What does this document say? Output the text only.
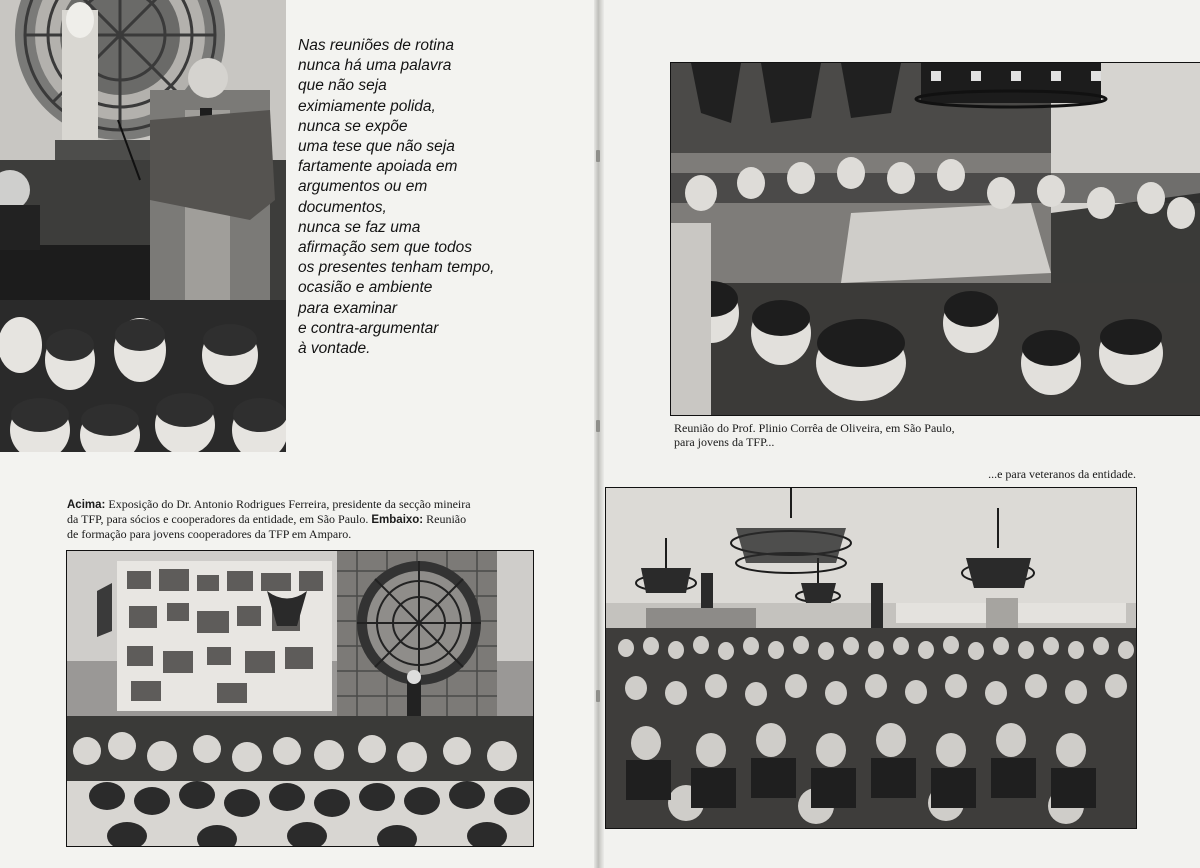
Nas reuniões de rotina
nunca há uma palavra
que não seja
eximiamente polida,
nunca se expõe
uma tese que não seja
fartamente apoiada em
argumentos ou em
documentos,
nunca se faz uma
afirmação sem que todos
os presentes tenham tempo,
ocasião e ambiente
para examinar
e contra-argumentar
à vontade.

Acima: Exposição do Dr. Antonio Rodrigues Ferreira, presidente da secção mineira
da TFP, para sócios e cooperadores da entidade, em São Paulo. Embaixo: Reunião
de formação para jovens cooperadores da TFP em Amparo.

Reunião do Prof. Plinio Corrêa de Oliveira, em São Paulo,
para jovens da TFP...

...e para veteranos da entidade.
